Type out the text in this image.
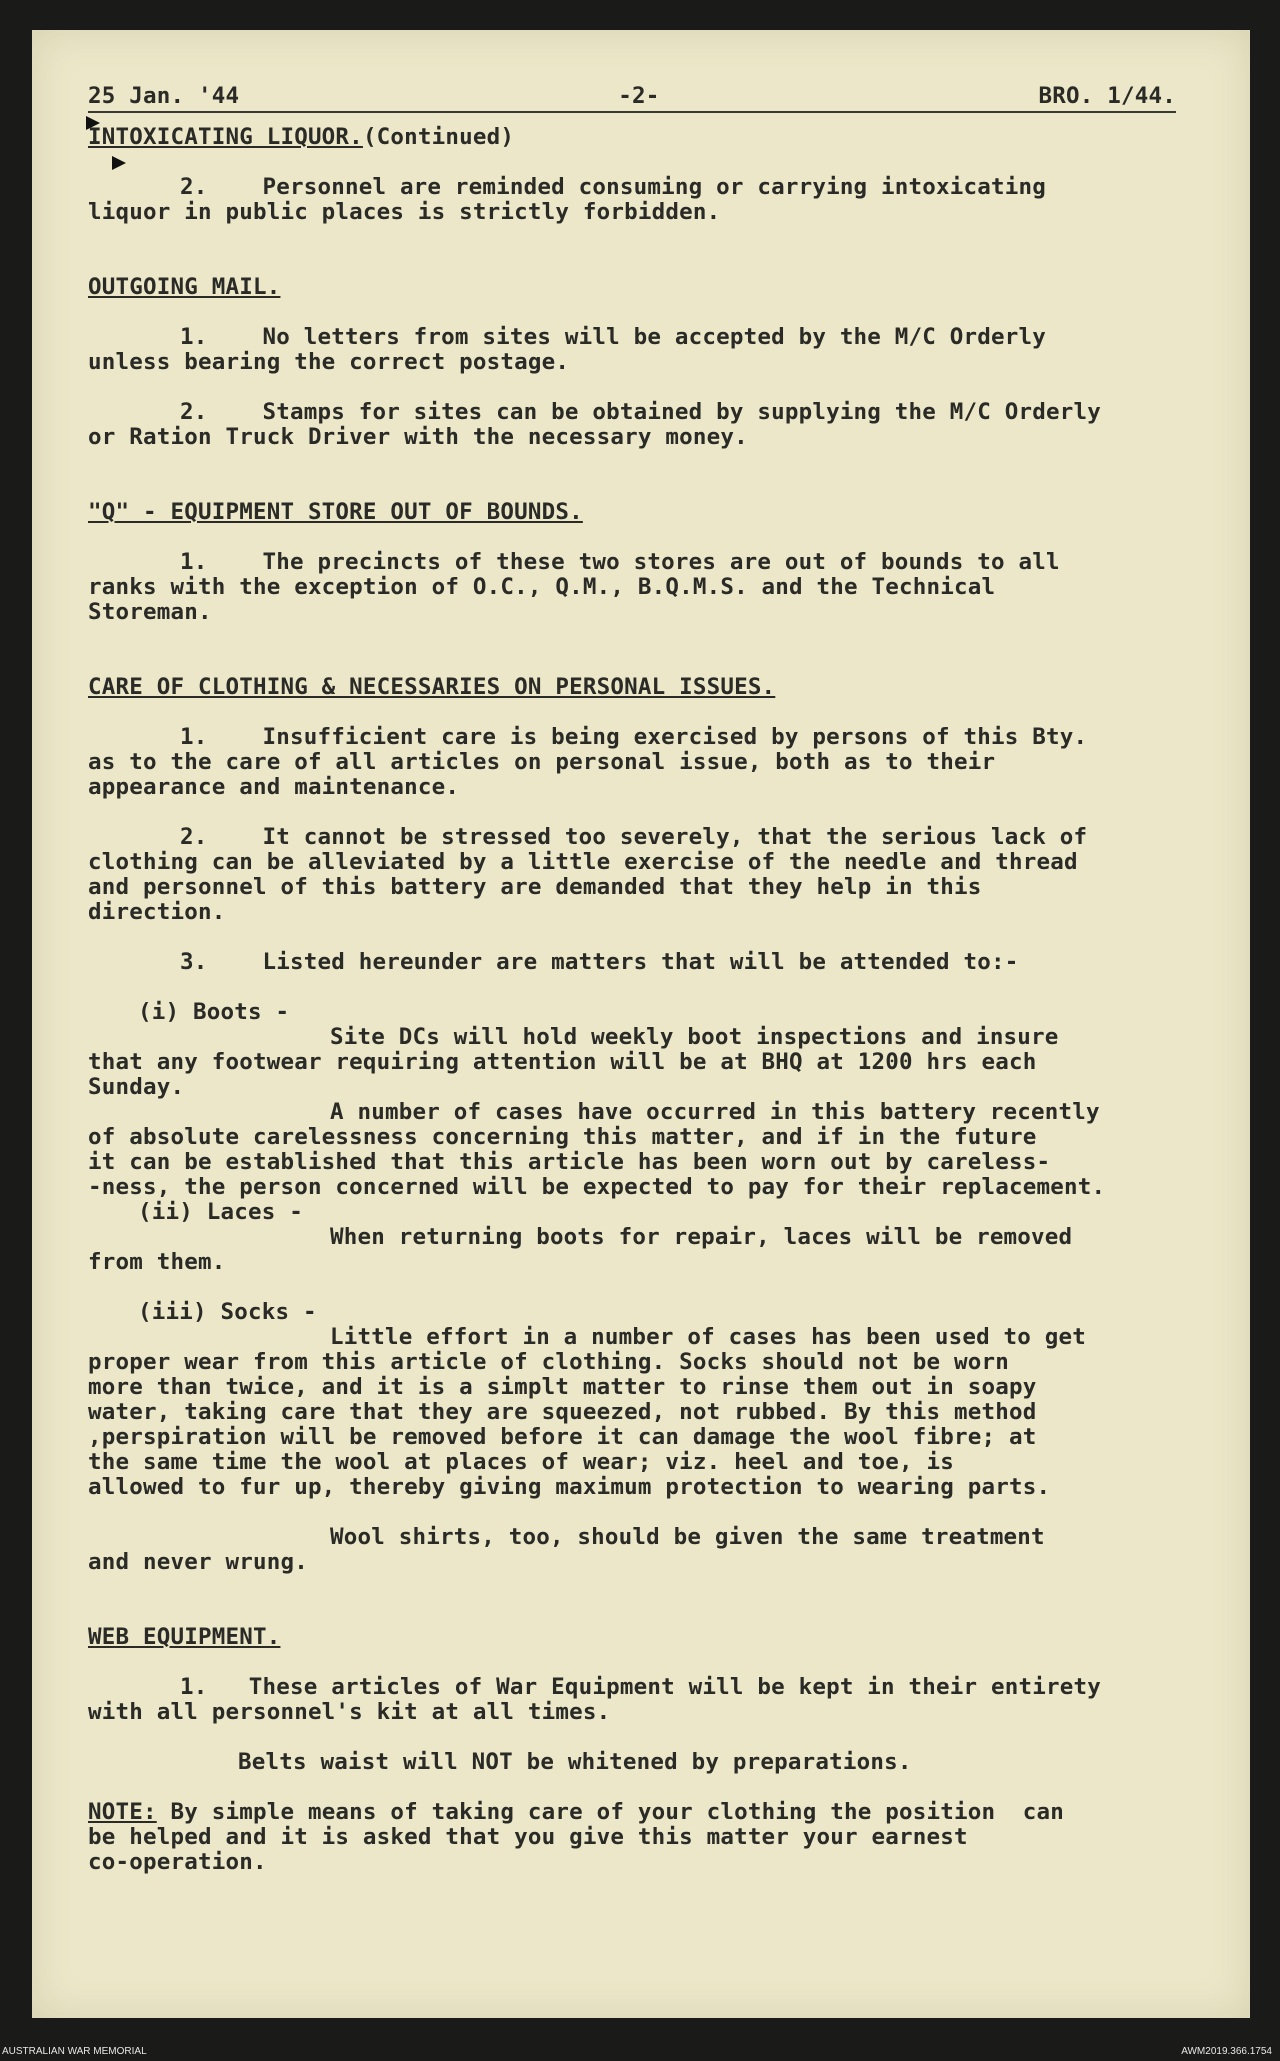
25 Jan. '44	-2-	BRO. 1/44.

INTOXICATING LIQUOR.(Continued)

2.    Personnel are reminded consuming or carrying intoxicating
liquor in public places is strictly forbidden.

OUTGOING MAIL.

1.    No letters from sites will be accepted by the M/C Orderly
unless bearing the correct postage.

2.    Stamps for sites can be obtained by supplying the M/C Orderly
or Ration Truck Driver with the necessary money.

"Q" - EQUIPMENT STORE OUT OF BOUNDS.

1.    The precincts of these two stores are out of bounds to all
ranks with the exception of O.C., Q.M., B.Q.M.S. and the Technical
Storeman.

CARE OF CLOTHING & NECESSARIES ON PERSONAL ISSUES.

1.    Insufficient care is being exercised by persons of this Bty.
as to the care of all articles on personal issue, both as to their
appearance and maintenance.

2.    It cannot be stressed too severely, that the serious lack of
clothing can be alleviated by a little exercise of the needle and thread
and personnel of this battery are demanded that they help in this
direction.

3.    Listed hereunder are matters that will be attended to:-

(i) Boots -

Site DCs will hold weekly boot inspections and insure
that any footwear requiring attention will be at BHQ at 1200 hrs each
Sunday.

A number of cases have occurred in this battery recently
of absolute carelessness concerning this matter, and if in the future
it can be established that this article has been worn out by careless-
-ness, the person concerned will be expected to pay for their replacement.

(ii) Laces -

When returning boots for repair, laces will be removed
from them.

(iii) Socks -

Little effort in a number of cases has been used to get
proper wear from this article of clothing. Socks should not be worn
more than twice, and it is a simplt matter to rinse them out in soapy
water, taking care that they are squeezed, not rubbed. By this method
,perspiration will be removed before it can damage the wool fibre; at
the same time the wool at places of wear; viz. heel and toe, is
allowed to fur up, thereby giving maximum protection to wearing parts.

Wool shirts, too, should be given the same treatment
and never wrung.

WEB EQUIPMENT.

1.   These articles of War Equipment will be kept in their entirety
with all personnel's kit at all times.

Belts waist will NOT be whitened by preparations.

NOTE: By simple means of taking care of your clothing the position  can
be helped and it is asked that you give this matter your earnest
co-operation.

AUSTRALIAN WAR MEMORIAL	AWM2019.366.1754
